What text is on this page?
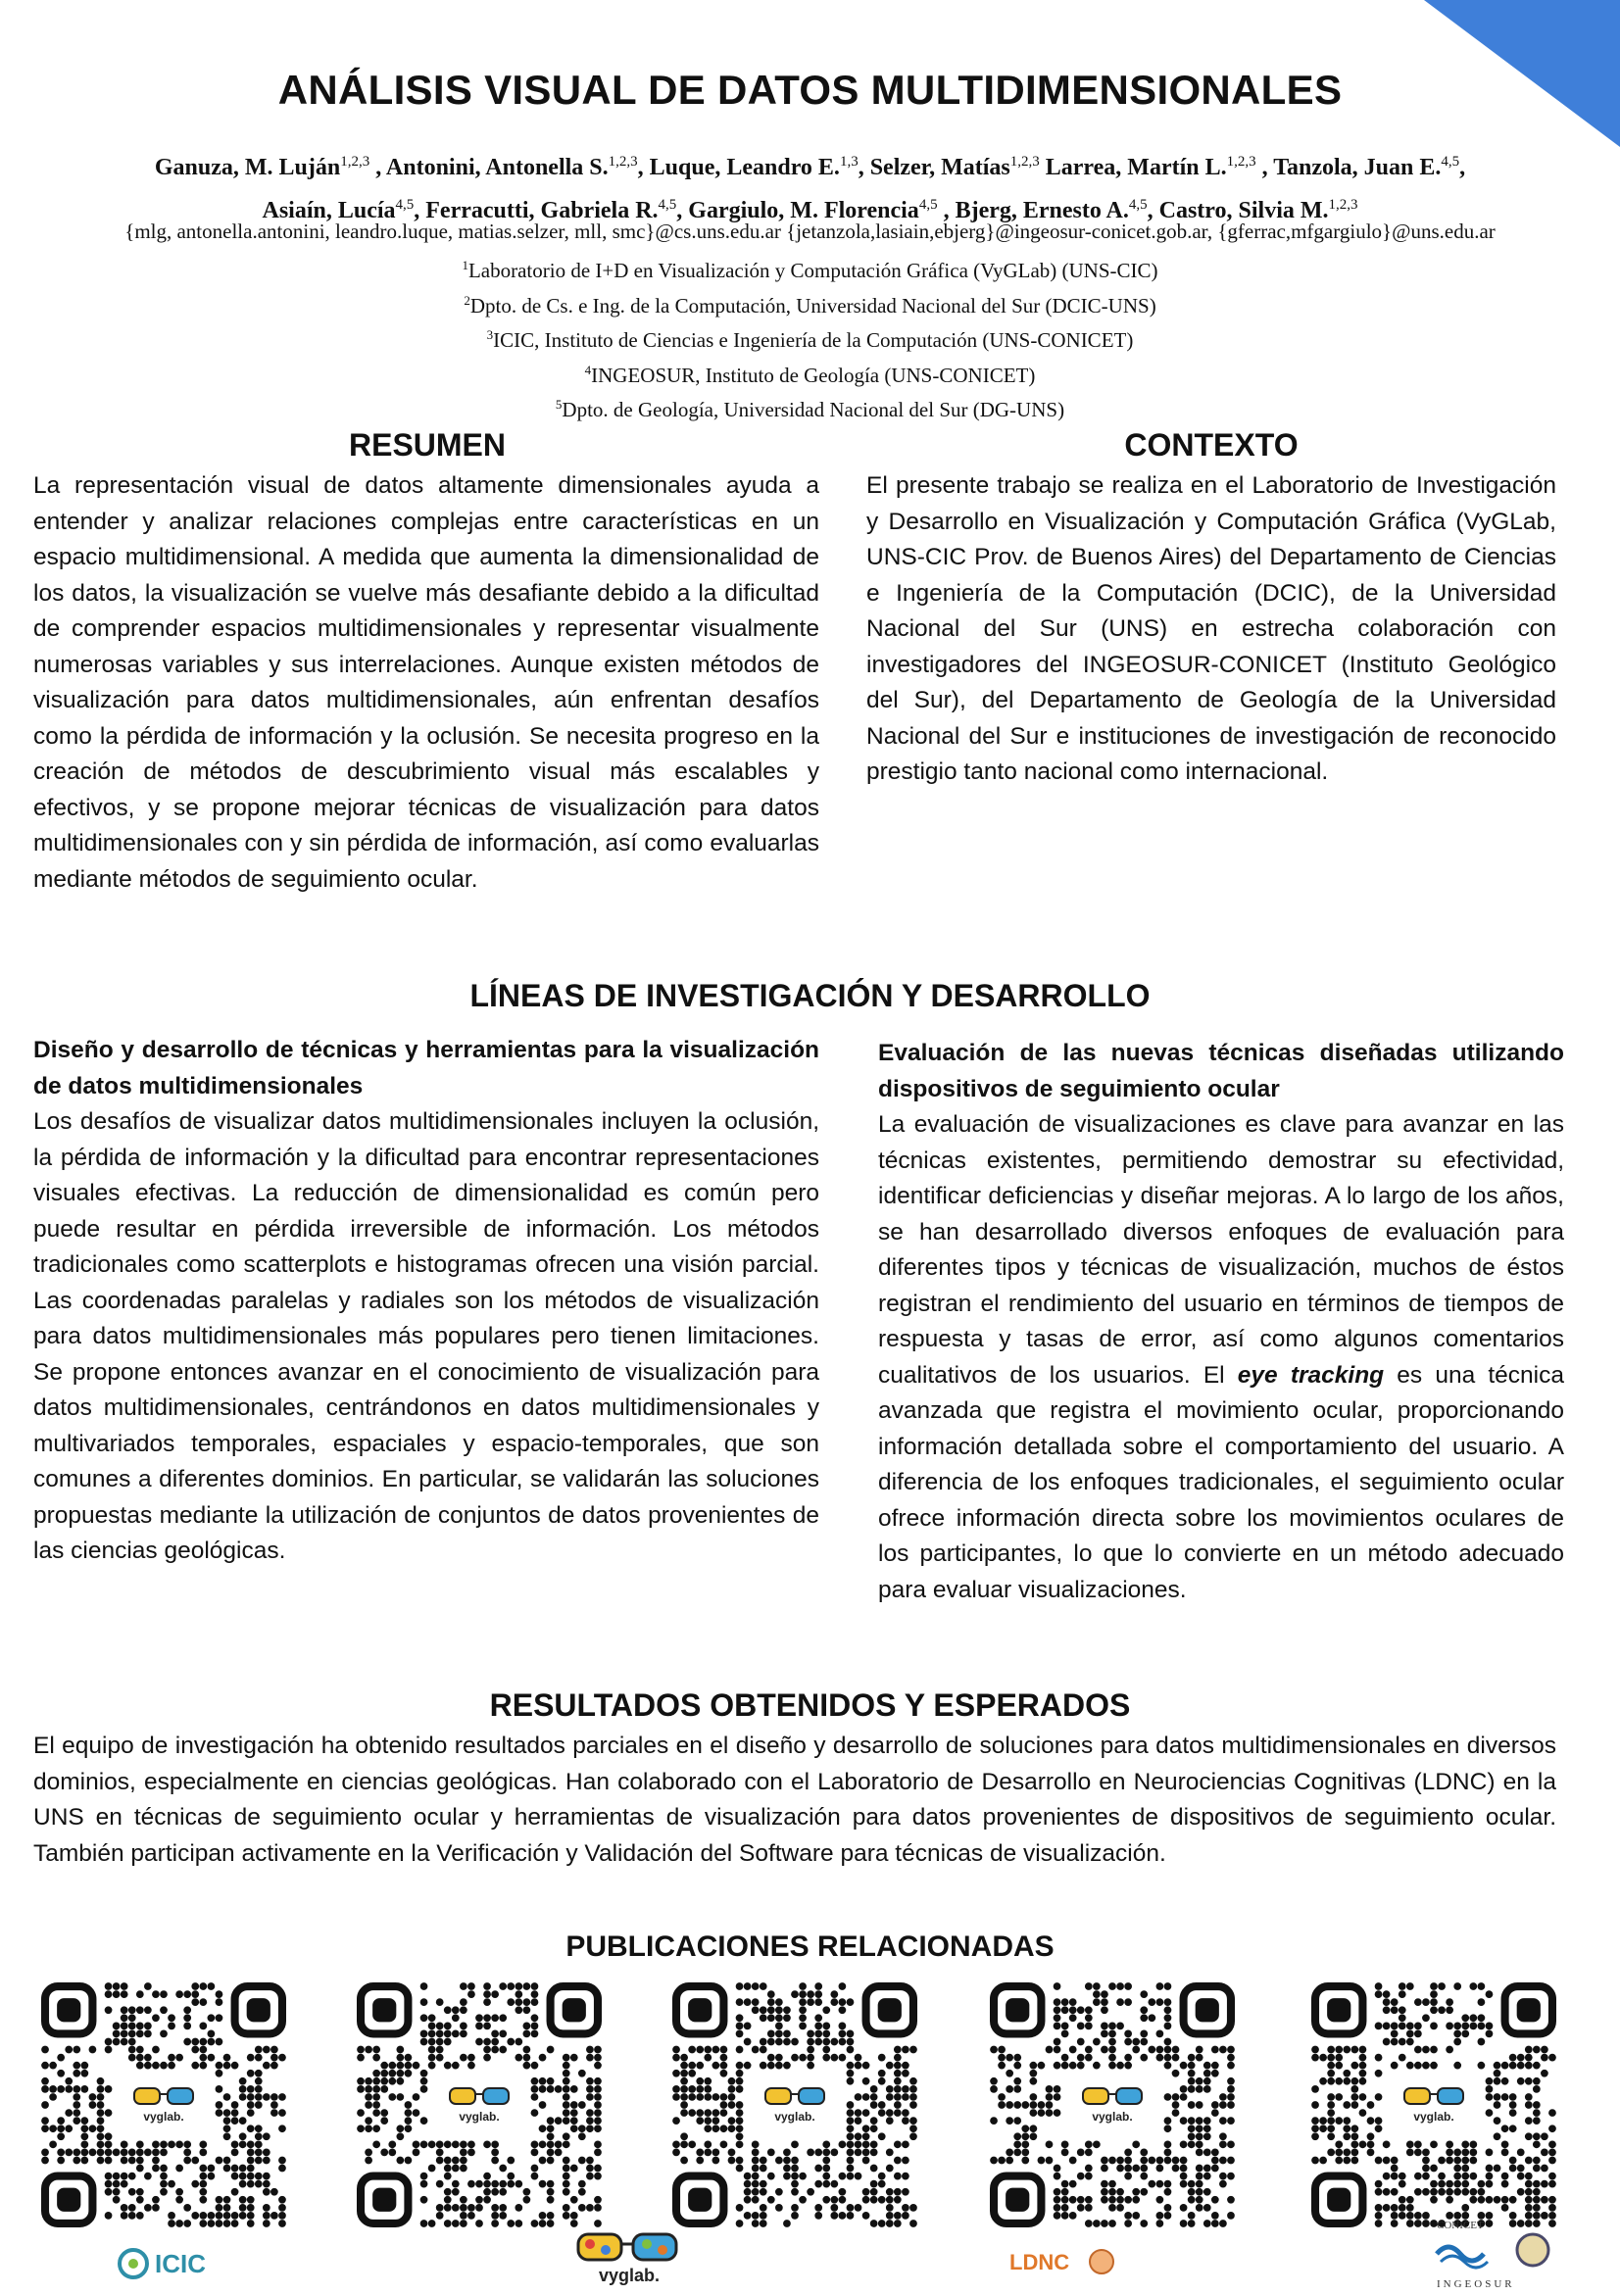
ANÁLISIS VISUAL DE DATOS MULTIDIMENSIONALES
Ganuza, M. Luján$^{1,2,3}$ , Antonini, Antonella S.$^{1,2,3}$, Luque, Leandro E.$^{1,3}$, Selzer, Matías$^{1,2,3}$ Larrea, Martín L.$^{1,2,3}$ , Tanzola, Juan E.$^{4,5}$, Asiaín, Lucía$^{4,5}$, Ferracutti, Gabriela R.$^{4,5}$, Gargiulo, M. Florencia$^{4,5}$ , Bjerg, Ernesto A.$^{4,5}$, Castro, Silvia M.$^{1,2,3}$
{mlg, antonella.antonini, leandro.luque, matias.selzer, mll, smc}@cs.uns.edu.ar {jetanzola,lasiain,ebjerg}@ingeosur-conicet.gob.ar, {gferrac,mfgargiulo}@uns.edu.ar
$^1$Laboratorio de I+D en Visualización y Computación Gráfica (VyGLab) (UNS-CIC)
$^2$Dpto. de Cs. e Ing. de la Computación, Universidad Nacional del Sur (DCIC-UNS)
$^3$ICIC, Instituto de Ciencias e Ingeniería de la Computación (UNS-CONICET)
$^4$INGEOSUR, Instituto de Geología (UNS-CONICET)
$^5$Dpto. de Geología, Universidad Nacional del Sur (DG-UNS)
RESUMEN
La representación visual de datos altamente dimensionales ayuda a entender y analizar relaciones complejas entre características en un espacio multidimensional. A medida que aumenta la dimensionalidad de los datos, la visualización se vuelve más desafiante debido a la dificultad de comprender espacios multidimensionales y representar visualmente numerosas variables y sus interrelaciones. Aunque existen métodos de visualización para datos multidimensionales, aún enfrentan desafíos como la pérdida de información y la oclusión. Se necesita progreso en la creación de métodos de descubrimiento visual más escalables y efectivos, y se propone mejorar técnicas de visualización para datos multidimensionales con y sin pérdida de información, así como evaluarlas mediante métodos de seguimiento ocular.
CONTEXTO
El presente trabajo se realiza en el Laboratorio de Investigación y Desarrollo en Visualización y Computación Gráfica (VyGLab, UNS-CIC Prov. de Buenos Aires) del Departamento de Ciencias e Ingeniería de la Computación (DCIC), de la Universidad Nacional del Sur (UNS) en estrecha colaboración con investigadores del INGEOSUR-CONICET (Instituto Geológico del Sur), del Departamento de Geología de la Universidad Nacional del Sur e instituciones de investigación de reconocido prestigio tanto nacional como internacional.
LÍNEAS DE INVESTIGACIÓN Y DESARROLLO
Diseño y desarrollo de técnicas y herramientas para la visualización de datos multidimensionales
Los desafíos de visualizar datos multidimensionales incluyen la oclusión, la pérdida de información y la dificultad para encontrar representaciones visuales efectivas. La reducción de dimensionalidad es común pero puede resultar en pérdida irreversible de información. Los métodos tradicionales como scatterplots e histogramas ofrecen una visión parcial. Las coordenadas paralelas y radiales son los métodos de visualización para datos multidimensionales más populares pero tienen limitaciones. Se propone entonces avanzar en el conocimiento de visualización para datos multidimensionales, centrándonos en datos multidimensionales y multivariados temporales, espaciales y espacio-temporales, que son comunes a diferentes dominios. En particular, se validarán las soluciones propuestas mediante la utilización de conjuntos de datos provenientes de las ciencias geológicas.
Evaluación de las nuevas técnicas diseñadas utilizando dispositivos de seguimiento ocular
La evaluación de visualizaciones es clave para avanzar en las técnicas existentes, permitiendo demostrar su efectividad, identificar deficiencias y diseñar mejoras. A lo largo de los años, se han desarrollado diversos enfoques de evaluación para diferentes tipos y técnicas de visualización, muchos de éstos registran el rendimiento del usuario en términos de tiempos de respuesta y tasas de error, así como algunos comentarios cualitativos de los usuarios. El eye tracking es una técnica avanzada que registra el movimiento ocular, proporcionando información detallada sobre el comportamiento del usuario. A diferencia de los enfoques tradicionales, el seguimiento ocular ofrece información directa sobre los movimientos oculares de los participantes, lo que lo convierte en un método adecuado para evaluar visualizaciones.
RESULTADOS OBTENIDOS Y ESPERADOS
El equipo de investigación ha obtenido resultados parciales en el diseño y desarrollo de soluciones para datos multidimensionales en diversos dominios, especialmente en ciencias geológicas. Han colaborado con el Laboratorio de Desarrollo en Neurociencias Cognitivas (LDNC) en la UNS en técnicas de seguimiento ocular y herramientas de visualización para datos provenientes de dispositivos de seguimiento ocular. También participan activamente en la Verificación y Validación del Software para técnicas de visualización.
PUBLICACIONES RELACIONADAS
vyglab.	vyglab.	vyglab.	vyglab.	vyglab.
ICIC	vyglab.
LDNC
CONICET
INGEOSUR
